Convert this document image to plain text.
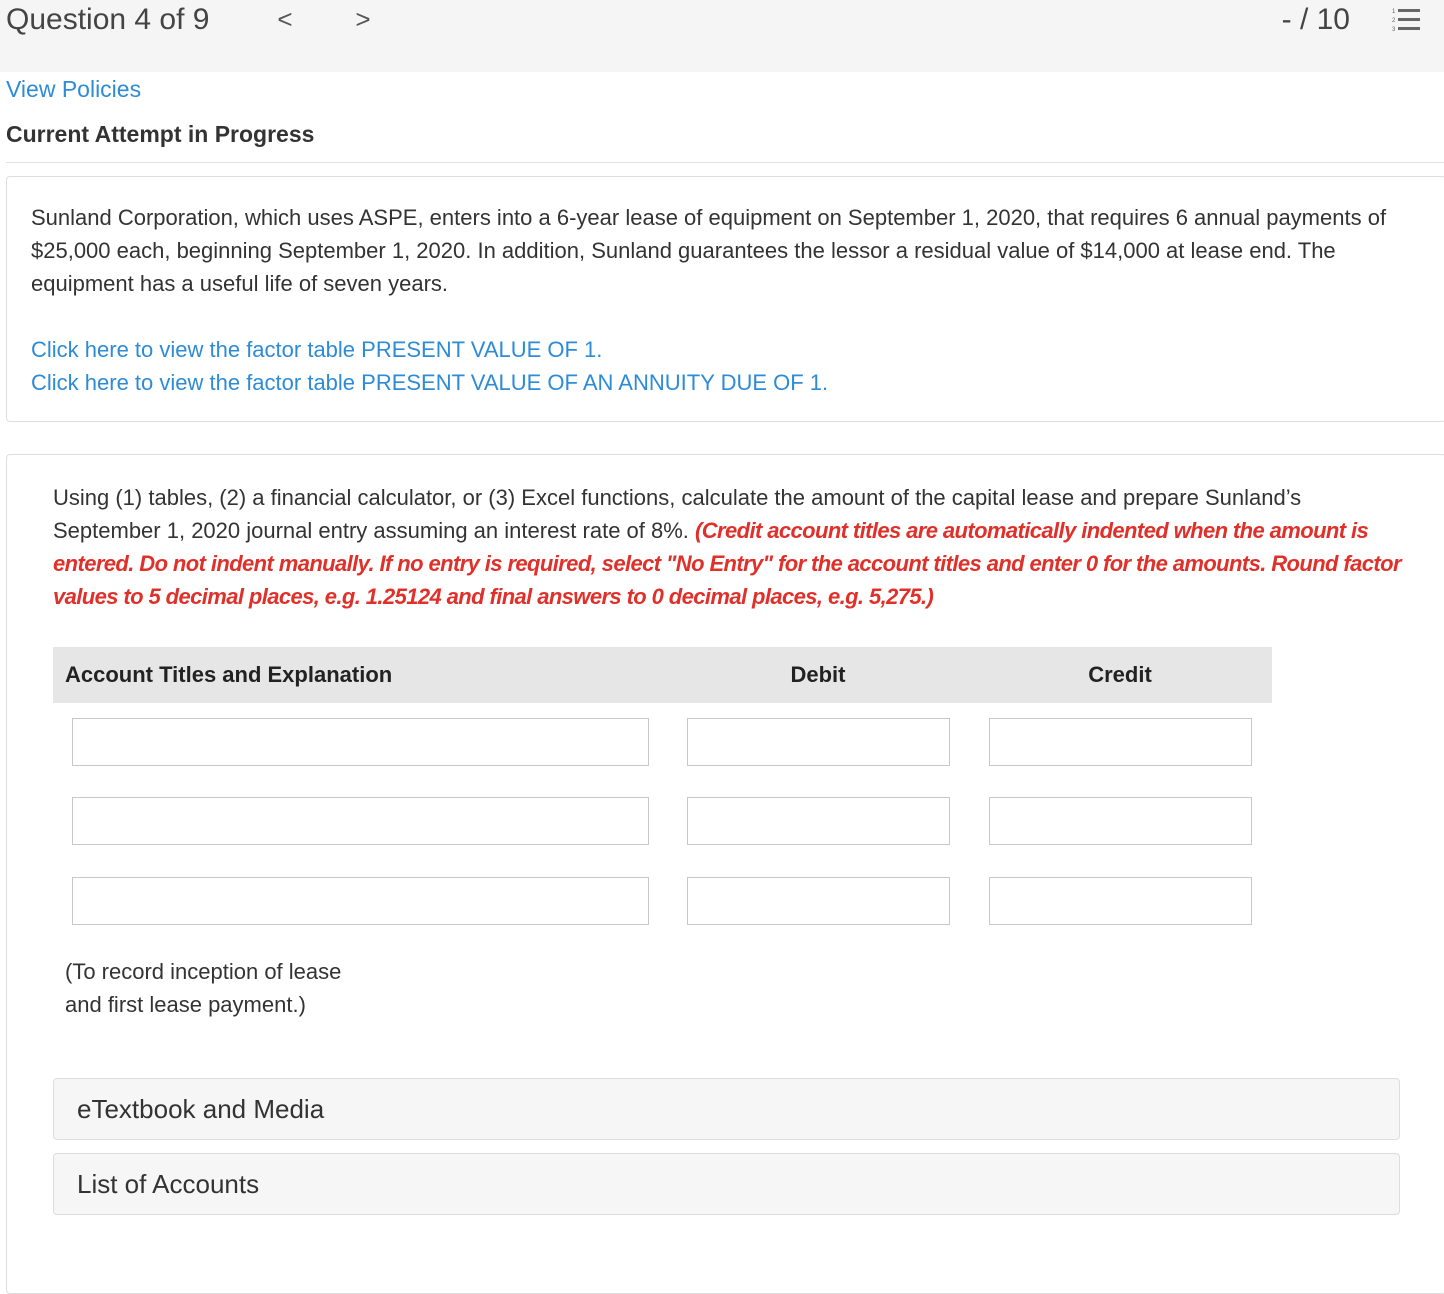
Question 4 of 9	< >	- / 10	1
2
3
View Policies
Current Attempt in Progress
Sunland Corporation, which uses ASPE, enters into a 6-year lease of equipment on September 1, 2020, that requires 6 annual payments of $25,000 each, beginning September 1, 2020. In addition, Sunland guarantees the lessor a residual value of $14,000 at lease end. The equipment has a useful life of seven years.
Click here to view the factor table PRESENT VALUE OF 1.
Click here to view the factor table PRESENT VALUE OF AN ANNUITY DUE OF 1.
Using (1) tables, (2) a financial calculator, or (3) Excel functions, calculate the amount of the capital lease and prepare Sunland’s September 1, 2020 journal entry assuming an interest rate of 8%. (Credit account titles are automatically indented when the amount is entered. Do not indent manually. If no entry is required, select "No Entry" for the account titles and enter 0 for the amounts. Round factor values to 5 decimal places, e.g. 1.25124 and final answers to 0 decimal places, e.g. 5,275.)
Account Titles and Explanation	Debit	Credit
(To record inception of lease
and first lease payment.)
eTextbook and Media
List of Accounts
